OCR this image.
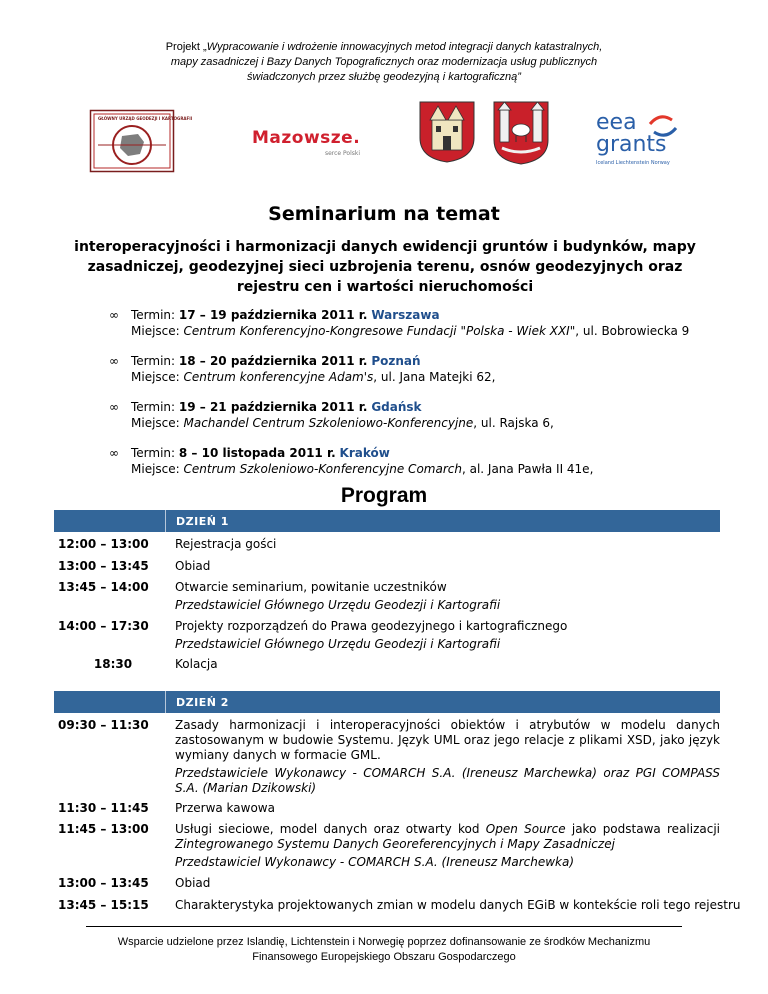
Projekt „Wypracowanie i wdrożenie innowacyjnych metod integracji danych katastralnych,
mapy zasadniczej i Bazy Danych Topograficznych oraz modernizacja usług publicznych
świadczonych przez służbę geodezyjną i kartograficzną”
GŁÓWNY URZĄD GEODEZJI I KARTOGRAFII
Mazowsze.
serce Polski
eea
grants
Iceland Liechtenstein Norway
Seminarium na temat
interoperacyjności i harmonizacji danych ewidencji gruntów i budynków, mapy zasadniczej, geodezyjnej sieci uzbrojenia terenu, osnów geodezyjnych oraz rejestru cen i wartości nieruchomości
∞ Termin: 17 – 19 października 2011 r. Warszawa
Miejsce: Centrum Konferencyjno-Kongresowe Fundacji "Polska - Wiek XXI", ul. Bobrowiecka 9
∞ Termin: 18 – 20 października 2011 r. Poznań
Miejsce: Centrum konferencyjne Adam's, ul. Jana Matejki 62,
∞ Termin: 19 – 21 października 2011 r. Gdańsk
Miejsce: Machandel Centrum Szkoleniowo-Konferencyjne, ul. Rajska 6,
∞ Termin: 8 – 10 listopada 2011 r. Kraków
Miejsce: Centrum Szkoleniowo-Konferencyjne Comarch, al. Jana Pawła II 41e,
Program
DZIEŃ 1
12:00 – 13:00	Rejestracja gości

13:00 – 13:45	Obiad

13:45 – 14:00	Otwarcie seminarium, powitanie uczestników

Przedstawiciel Głównego Urzędu Geodezji i Kartografii

14:00 – 17:30	Projekty rozporządzeń do Prawa geodezyjnego i kartograficznego

Przedstawiciel Głównego Urzędu Geodezji i Kartografii

18:30	Kolacja

DZIEŃ 2
09:30 – 11:30	Zasady harmonizacji i interoperacyjności obiektów i atrybutów w modelu danych zastosowanym w budowie Systemu. Język UML oraz jego relacje z plikami XSD, jako język wymiany danych w formacie GML.

Przedstawiciele Wykonawcy - COMARCH S.A. (Ireneusz Marchewka) oraz PGI COMPASS S.A. (Marian Dzikowski)

11:30 – 11:45	Przerwa kawowa

11:45 – 13:00	Usługi sieciowe, model danych oraz otwarty kod Open Source jako podstawa realizacji Zintegrowanego Systemu Danych Georeferencyjnych i Mapy Zasadniczej

Przedstawiciel Wykonawcy - COMARCH S.A. (Ireneusz Marchewka)

13:00 – 13:45	Obiad

13:45 – 15:15	Charakterystyka projektowanych zmian w modelu danych EGiB w kontekście roli tego rejestru

Wsparcie udzielone przez Islandię, Lichtenstein i Norwegię poprzez dofinansowanie ze środków Mechanizmu
Finansowego Europejskiego Obszaru Gospodarczego
